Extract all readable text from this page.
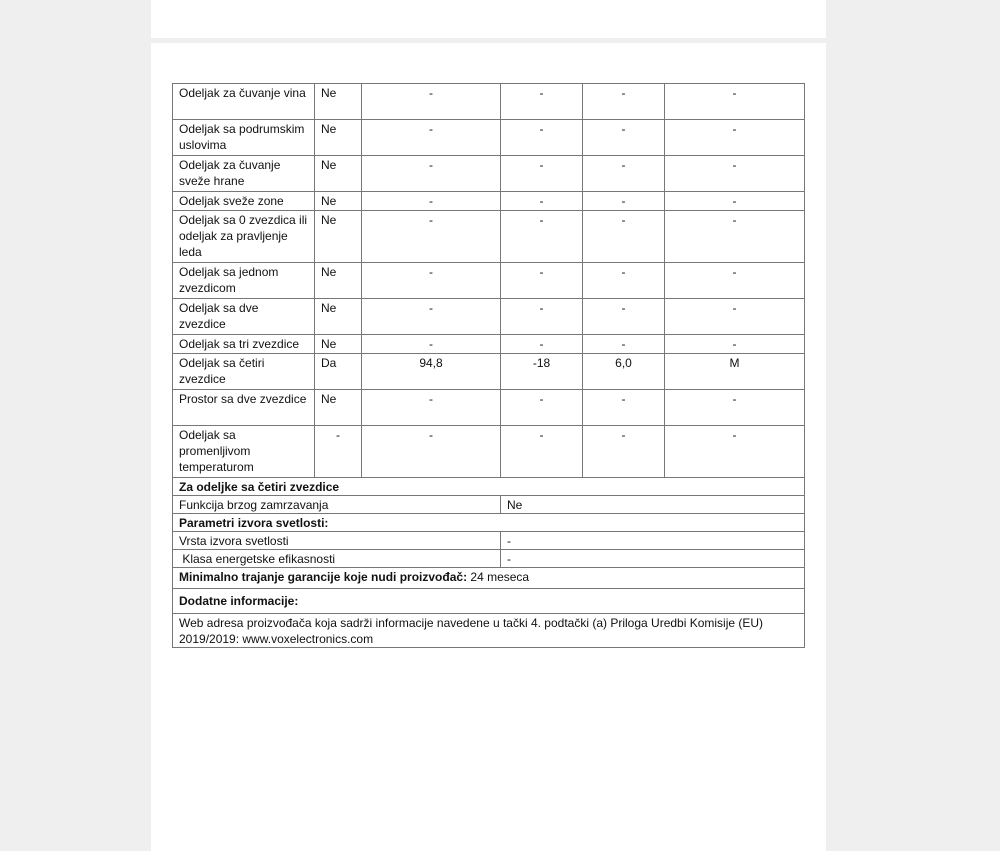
Odeljak za čuvanje vina	Ne	-	-	-	-
Odeljak sa podrumskim uslovima	Ne	-	-	-	-
Odeljak za čuvanje sveže hrane	Ne	-	-	-	-
Odeljak sveže zone	Ne	-	-	-	-
Odeljak sa 0 zvezdica ili odeljak za pravljenje leda	Ne	-	-	-	-
Odeljak sa jednom zvezdicom	Ne	-	-	-	-
Odeljak sa dve zvezdice	Ne	-	-	-	-
Odeljak sa tri zvezdice	Ne	-	-	-	-
Odeljak sa četiri zvezdice	Da	94,8	-18	6,0	M
Prostor sa dve zvezdice	Ne	-	-	-	-
Odeljak sa promenljivom temperaturom	-	-	-	-	-
Za odeljke sa četiri zvezdice					
Funkcija brzog zamrzavanja			Ne		
Parametri izvora svetlosti:					
Vrsta izvora svetlosti			-		
Klasa energetske efikasnosti			-		
Minimalno trajanje garancije koje nudi proizvođač: 24 meseca					
Dodatne informacije:					
Web adresa proizvođača koja sadrži informacije navedene u tački 4. podtački (a) Priloga Uredbi Komisije (EU) 2019/2019: www.voxelectronics.com					
